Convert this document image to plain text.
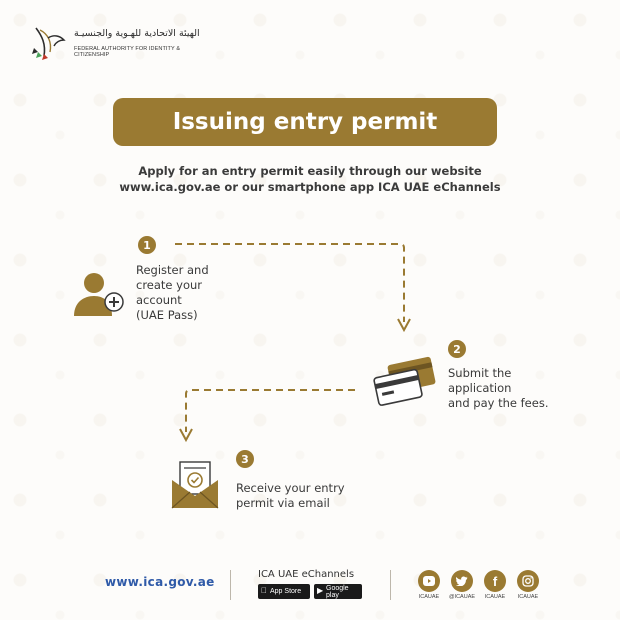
الهيئة الاتحادية للهـوية والجنسيـة
FEDERAL AUTHORITY FOR IDENTITY & CITIZENSHIP
Issuing entry permit
Apply for an entry permit easily through our website
www.ica.gov.ae or our smartphone app ICA UAE eChannels
1
Register and
create your
account
(UAE Pass)
2
Submit the
application
and pay the fees.
3
Receive your entry
permit via email
www.ica.gov.ae
ICA UAE eChannels
App Store ▶ Google play	ICAUAE	@ICAUAE
f
ICAUAE	ICAUAE
